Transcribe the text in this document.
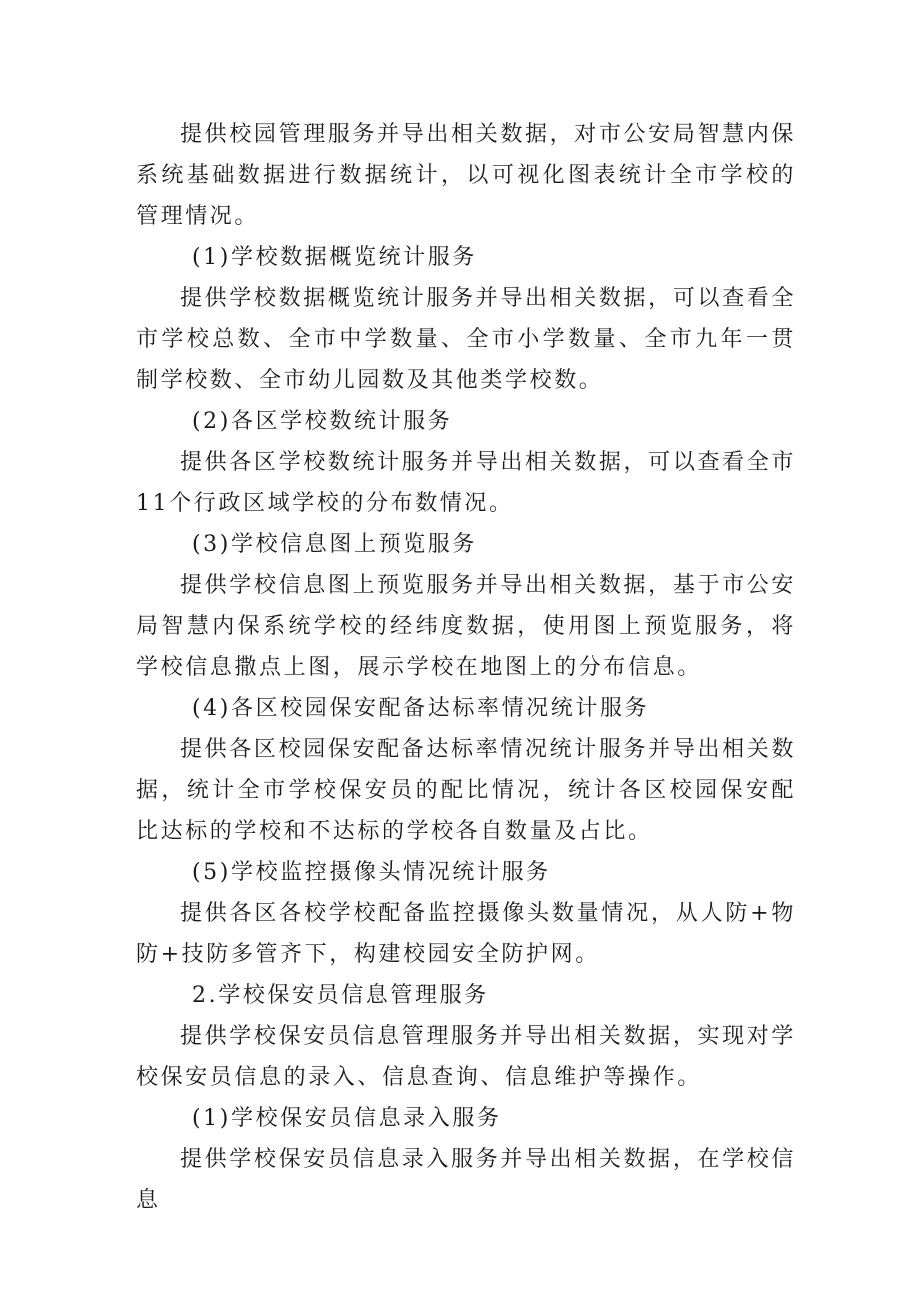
提供校园管理服务并导出相关数据，对市公安局智慧内保系统基础数据进行数据统计，以可视化图表统计全市学校的管理情况。

(1)学校数据概览统计服务

提供学校数据概览统计服务并导出相关数据，可以查看全市学校总数、全市中学数量、全市小学数量、全市九年一贯制学校数、全市幼儿园数及其他类学校数。

(2)各区学校数统计服务

提供各区学校数统计服务并导出相关数据，可以查看全市11个行政区域学校的分布数情况。

(3)学校信息图上预览服务

提供学校信息图上预览服务并导出相关数据，基于市公安局智慧内保系统学校的经纬度数据，使用图上预览服务，将学校信息撒点上图，展示学校在地图上的分布信息。

(4)各区校园保安配备达标率情况统计服务

提供各区校园保安配备达标率情况统计服务并导出相关数据，统计全市学校保安员的配比情况，统计各区校园保安配比达标的学校和不达标的学校各自数量及占比。

(5)学校监控摄像头情况统计服务

提供各区各校学校配备监控摄像头数量情况，从人防+物防+技防多管齐下，构建校园安全防护网。

2.学校保安员信息管理服务

提供学校保安员信息管理服务并导出相关数据，实现对学校保安员信息的录入、信息查询、信息维护等操作。

(1)学校保安员信息录入服务

提供学校保安员信息录入服务并导出相关数据，在学校信息
